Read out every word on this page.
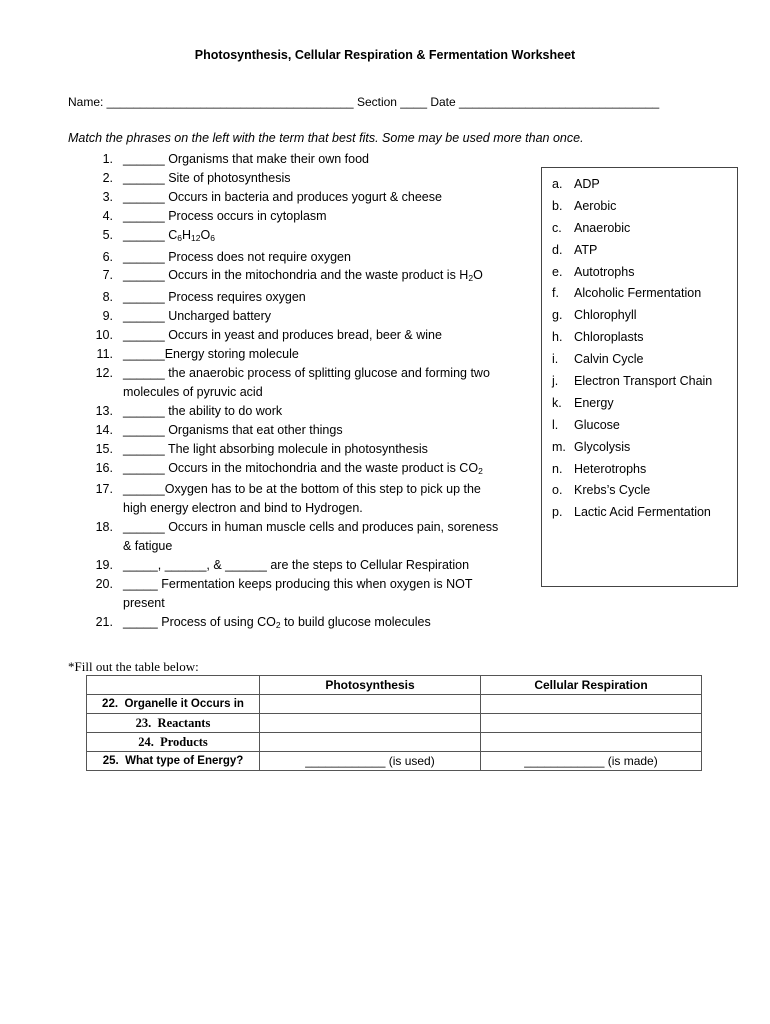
Photosynthesis, Cellular Respiration & Fermentation Worksheet
Name: _____________________________________ Section ____ Date ______________________________
Match the phrases on the left with the term that best fits. Some may be used more than once.
1. ______ Organisms that make their own food
2. ______ Site of photosynthesis
3. ______ Occurs in bacteria and produces yogurt & cheese
4. ______ Process occurs in cytoplasm
5. ______ $C_6H_{12}O_6$
6. ______ Process does not require oxygen
7. ______ Occurs in the mitochondria and the waste product is $H_2O$
8. ______ Process requires oxygen
9. ______ Uncharged battery
10. ______ Occurs in yeast and produces bread, beer & wine
11. ______Energy storing molecule
12. ______ the anaerobic process of splitting glucose and forming two
molecules of pyruvic acid
13. ______ the ability to do work
14. ______ Organisms that eat other things
15. ______ The light absorbing molecule in photosynthesis
16. ______ Occurs in the mitochondria and the waste product is $CO_2$
17. ______Oxygen has to be at the bottom of this step to pick up the
high energy electron and bind to Hydrogen.
18. ______ Occurs in human muscle cells and produces pain, soreness
& fatigue
19. _____, ______, & ______ are the steps to Cellular Respiration
20. _____ Fermentation keeps producing this when oxygen is NOT
present
21. _____ Process of using $CO_2$ to build glucose molecules
a. ADP
b. Aerobic
c. Anaerobic
d. ATP
e. Autotrophs
f.	Alcoholic Fermentation
g. Chlorophyll
h. Chloroplasts
i.	Calvin Cycle
j.	Electron Transport Chain
k. Energy
l.	Glucose
m. Glycolysis
n. Heterotrophs
o. Krebs’s Cycle
p. Lactic Acid Fermentation
*Fill out the table below:
	Photosynthesis	Cellular Respiration
22. Organelle it Occurs in		
23. Reactants		
24. Products		
25. What type of Energy?	____________ (is used)	____________ (is made)
